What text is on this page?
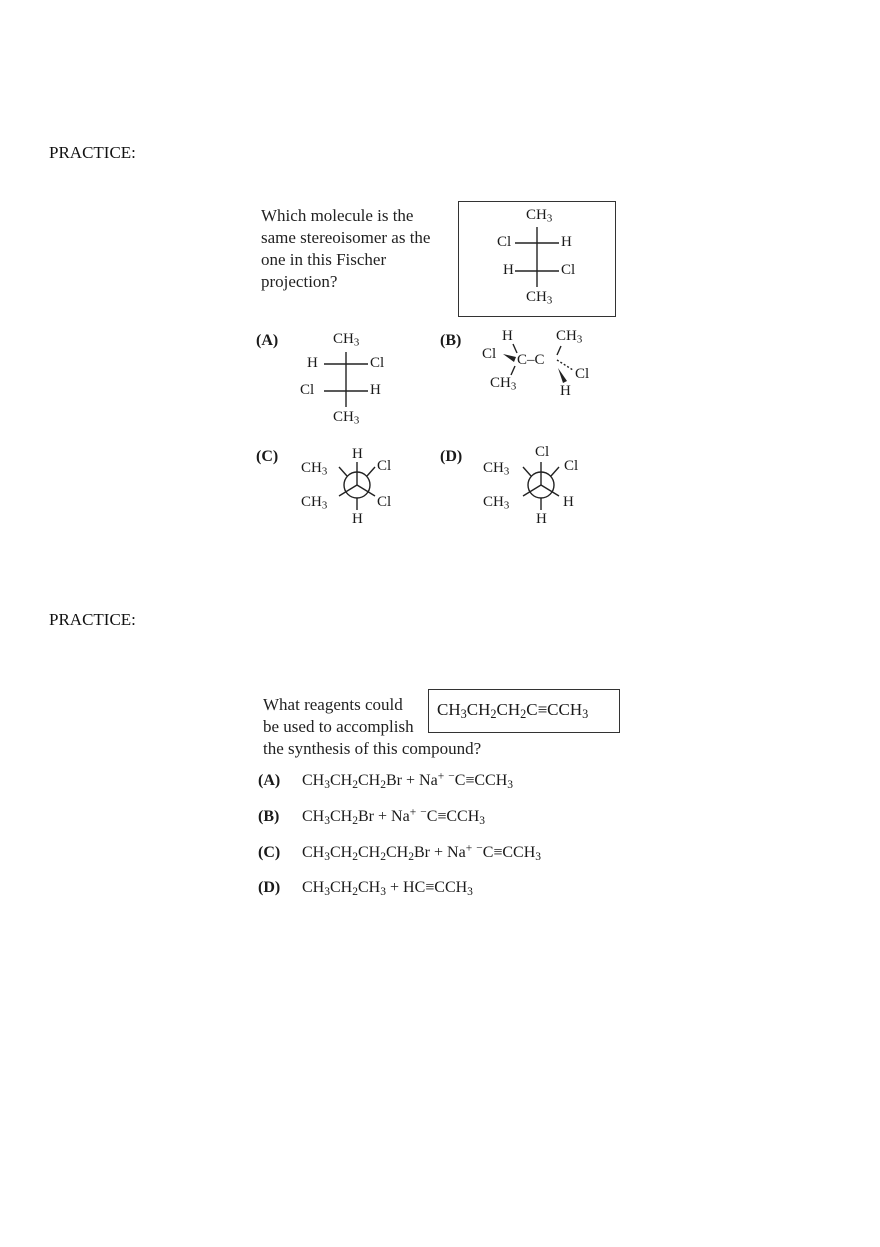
PRACTICE:
PRACTICE:
Which molecule is the
same stereoisomer as the
one in this Fischer
projection?
$CH_3$
Cl	H
H	Cl
$CH_3$
(A)	$CH_3$
H	Cl
Cl	H
$CH_3$
(B)	H	$CH_3$
Cl C–C
Cl
$CH_3$	H
(C)	H
Cl
$CH_3$
$CH_3$	Cl
H
(D)	Cl
Cl
$CH_3$
$CH_3$	H
H
What reagents could
be used to accomplish
the synthesis of this compound?
$CH_3CH_2CH_2C\equiv CCH_3$
(A) $CH_3CH_2CH_2Br + Na^+$ $^-C\equiv CCH_3$
(B) $CH_3CH_2Br + Na^+$ $^-C\equiv CCH_3$
(C) $CH_3CH_2CH_2CH_2Br + Na^+$ $^-C\equiv CCH_3$
(D) $CH_3CH_2CH_3 + HC\equiv CCH_3$
